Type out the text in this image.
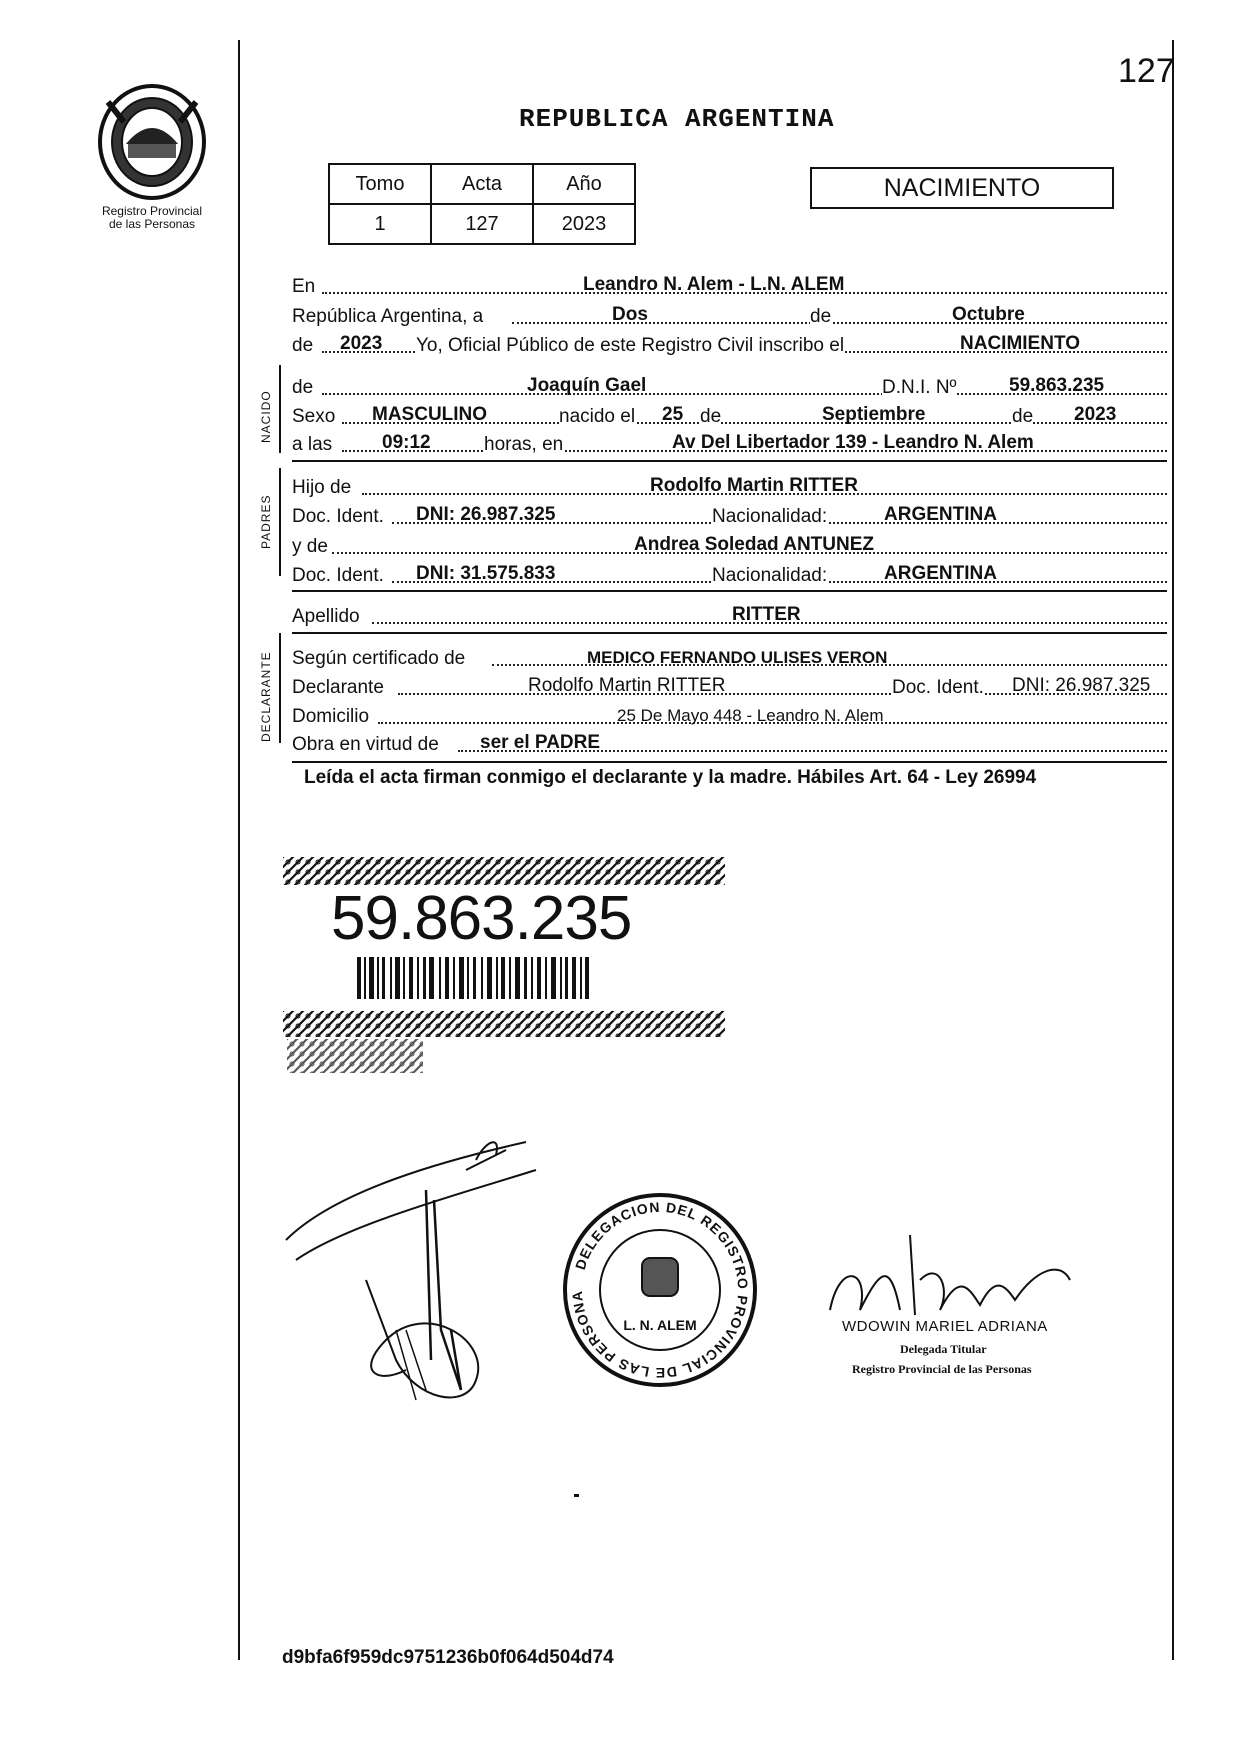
127
Registro Provincial
de las Personas
REPUBLICA ARGENTINA
Tomo	Acta	Año
1	127	2023
NACIMIENTO
NACIDO
PADRES
DECLARANTE
En	Leandro N. Alem - L.N. ALEM
República Argentina, a	Dos	de	Octubre
de 2023 Yo, Oficial Público de este Registro Civil inscribo el	NACIMIENTO
de	Joaquín Gael	D.N.I. Nº	59.863.235
Sexo MASCULINO	nacido el 25 de	Septiembre	de 2023
a las	09:12	horas, en	Av Del Libertador 139 - Leandro N. Alem
Hijo de	Rodolfo Martin RITTER
Doc. Ident. DNI: 26.987.325	Nacionalidad:	ARGENTINA
y de	Andrea Soledad ANTUNEZ
Doc. Ident. DNI: 31.575.833	Nacionalidad:	ARGENTINA
Apellido	RITTER
Según certificado de	MEDICO FERNANDO ULISES VERON
Declarante	Rodolfo Martin RITTER	Doc. Ident. DNI: 26.987.325
Domicilio	25 De Mayo 448 - Leandro N. Alem
Obra en virtud de ser el PADRE
Leída el acta firman conmigo el declarante y la madre. Hábiles Art. 64 - Ley 26994
59.863.235
DELEGACION DEL REGISTRO PROVINCIAL DE LAS PERSONA
L. N. ALEM	WDOWIN MARIEL ADRIANA
Delegada Titular
Registro Provincial de las Personas
d9bfa6f959dc9751236b0f064d504d74
